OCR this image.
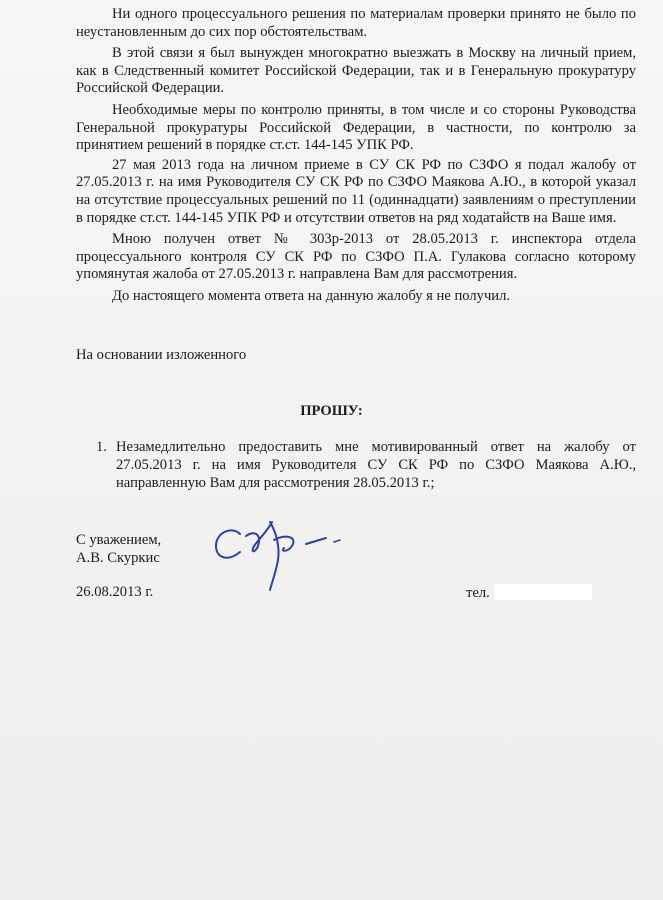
Ни одного процессуального решения по материалам проверки принято не было по неустановленным до сих пор обстоятельствам.

В этой связи я был вынужден многократно выезжать в Москву на личный прием, как в Следственный комитет Российской Федерации, так и в Генеральную прокуратуру Российской Федерации.

Необходимые меры по контролю приняты, в том числе и со стороны Руководства Генеральной прокуратуры Российской Федерации, в частности, по контролю за принятием решений в порядке ст.ст. 144-145 УПК РФ.

27 мая 2013 года на личном приеме в СУ СК РФ по СЗФО я подал жалобу от 27.05.2013 г. на имя Руководителя СУ СК РФ по СЗФО Маякова А.Ю., в которой указал на отсутствие процессуальных решений по 11 (одиннадцати) заявлениям о преступлении в порядке ст.ст. 144-145 УПК РФ и отсутствии ответов на ряд ходатайств на Ваше имя.

Мною получен ответ № 303р-2013 от 28.05.2013 г. инспектора отдела процессуального контроля СУ СК РФ по СЗФО П.А. Гулакова согласно которому упомянутая жалоба от 27.05.2013 г. направлена Вам для рассмотрения.

До настоящего момента ответа на данную жалобу я не получил.

На основании изложенного
ПРОШУ:
1. Незамедлительно предоставить мне мотивированный ответ на жалобу от 27.05.2013 г. на имя Руководителя СУ СК РФ по СЗФО Маякова А.Ю., направленную Вам для рассмотрения 28.05.2013 г.;
С уважением,
А.В. Скуркис
26.08.2013 г.	тел.
